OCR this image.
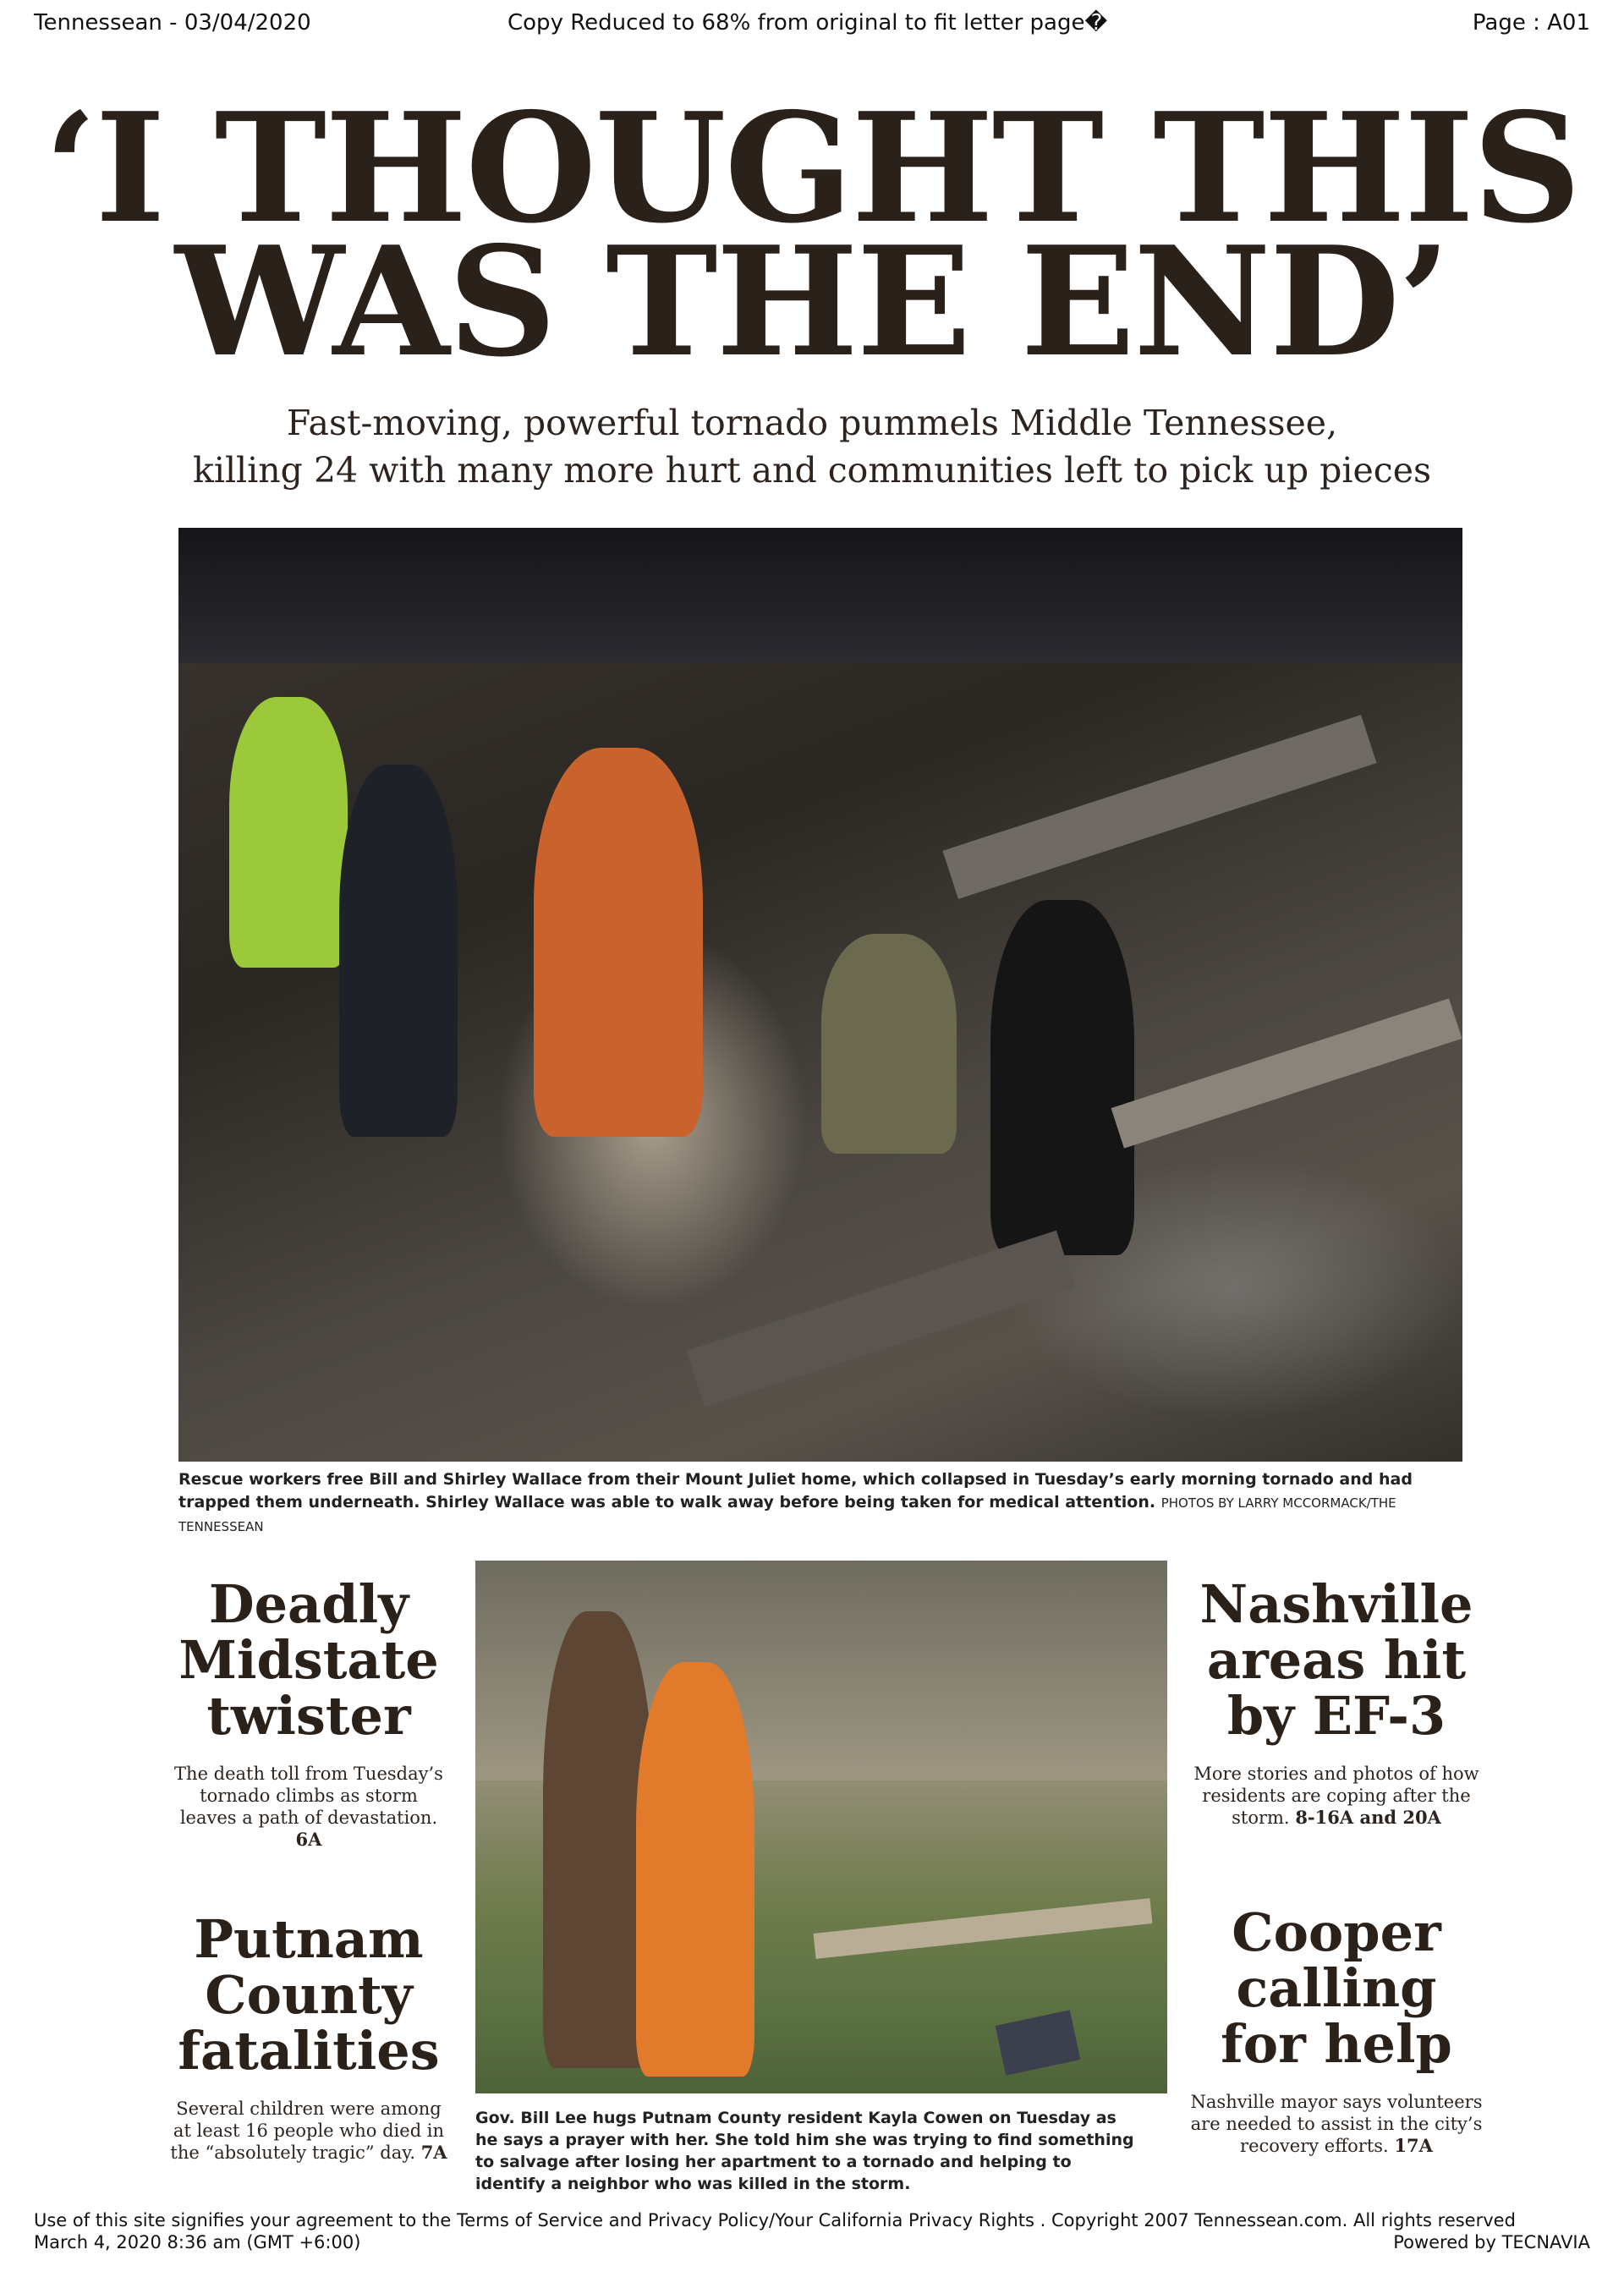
Tennessean - 03/04/2020	Copy Reduced to 68% from original to fit letter page�	Page : A01
‘I THOUGHT THIS
WAS THE END’
Fast-moving, powerful tornado pummels Middle Tennessee,
killing 24 with many more hurt and communities left to pick up pieces
Rescue workers free Bill and Shirley Wallace from their Mount Juliet home, which collapsed in Tuesday’s early morning tornado and had trapped them underneath. Shirley Wallace was able to walk away before being taken for medical attention. PHOTOS BY LARRY MCCORMACK/THE TENNESSEAN
Deadly
Midstate
twister
The death toll from Tuesday’s tornado climbs as storm leaves a path of devastation. 6A
Putnam
County
fatalities
Several children were among at least 16 people who died in the “absolutely tragic” day. 7A
Gov. Bill Lee hugs Putnam County resident Kayla Cowen on Tuesday as he says a prayer with her. She told him she was trying to find something to salvage after losing her apartment to a tornado and helping to identify a neighbor who was killed in the storm.
Nashville
areas hit
by EF-3
More stories and photos of how residents are coping after the storm. 8-16A and 20A
Cooper
calling
for help
Nashville mayor says volunteers are needed to assist in the city’s recovery efforts. 17A
Use of this site signifies your agreement to the Terms of Service and Privacy Policy/Your California Privacy Rights . Copyright 2007 Tennessean.com. All rights reserved
March 4, 2020 8:36 am (GMT +6:00)	Powered by TECNAVIA
